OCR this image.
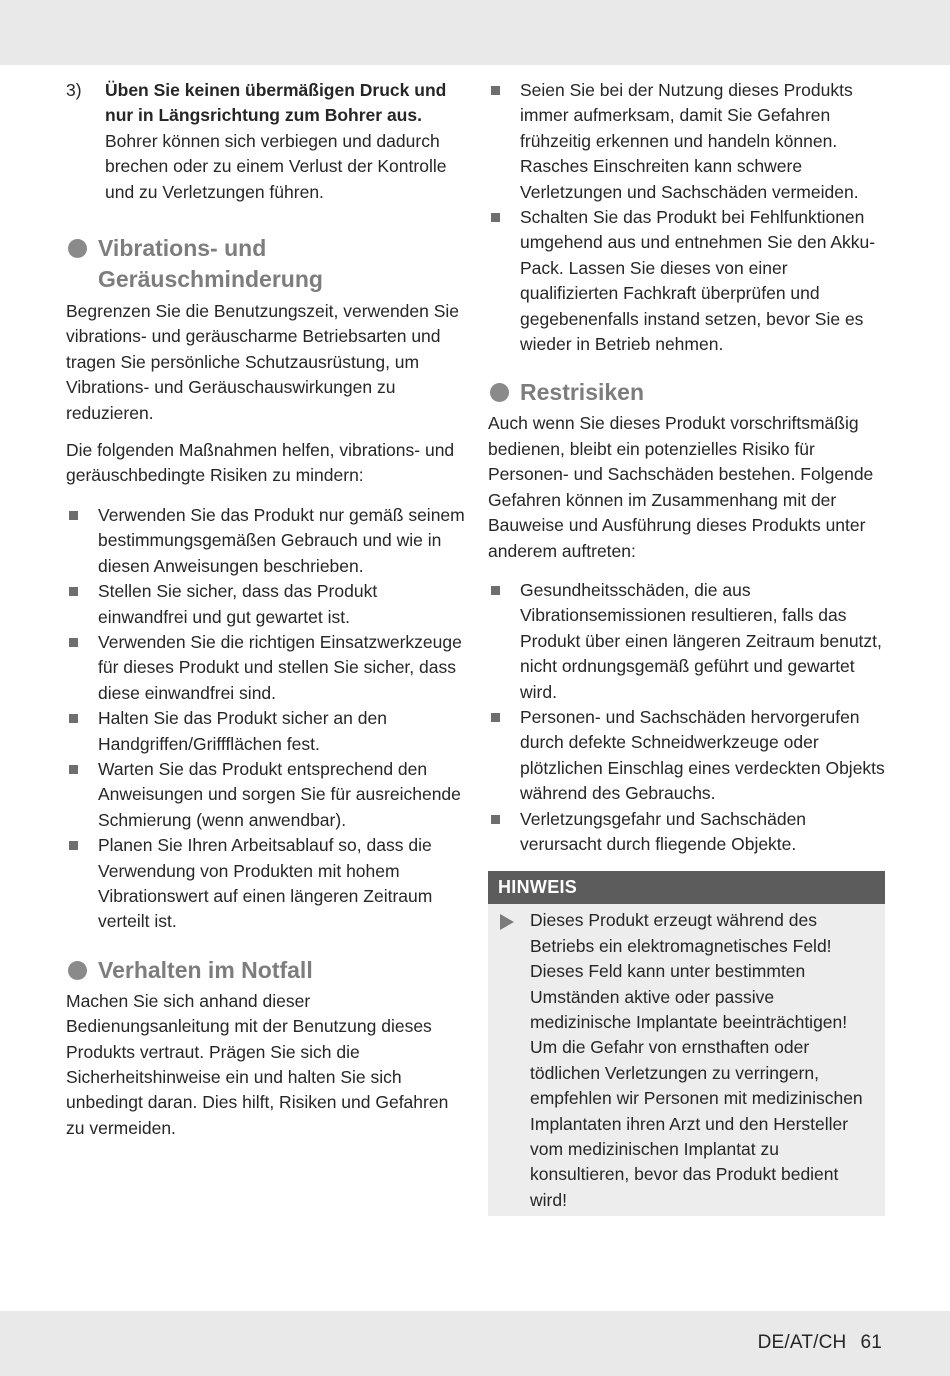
3) Üben Sie keinen übermäßigen Druck und nur in Längsrichtung zum Bohrer aus. Bohrer können sich verbiegen und dadurch brechen oder zu einem Verlust der Kontrolle und zu Verletzungen führen.
Vibrations- und Geräuschminderung

Begrenzen Sie die Benutzungszeit, verwenden Sie vibrations- und geräuscharme Betriebsarten und tragen Sie persönliche Schutzausrüstung, um Vibrations- und Geräuschauswirkungen zu reduzieren.

Die folgenden Maßnahmen helfen, vibrations- und geräuschbedingte Risiken zu mindern:

Verwenden Sie das Produkt nur gemäß seinem bestimmungsgemäßen Gebrauch und wie in diesen Anweisungen beschrieben.
Stellen Sie sicher, dass das Produkt einwandfrei und gut gewartet ist.
Verwenden Sie die richtigen Einsatzwerkzeuge für dieses Produkt und stellen Sie sicher, dass diese einwandfrei sind.
Halten Sie das Produkt sicher an den Handgriffen/Griffflächen fest.
Warten Sie das Produkt entsprechend den Anweisungen und sorgen Sie für ausreichende Schmierung (wenn anwendbar).
Planen Sie Ihren Arbeitsablauf so, dass die Verwendung von Produkten mit hohem Vibrationswert auf einen längeren Zeitraum verteilt ist.
Verhalten im Notfall

Machen Sie sich anhand dieser Bedienungsanleitung mit der Benutzung dieses Produkts vertraut. Prägen Sie sich die Sicherheitshinweise ein und halten Sie sich unbedingt daran. Dies hilft, Risiken und Gefahren zu vermeiden.

Seien Sie bei der Nutzung dieses Produkts immer aufmerksam, damit Sie Gefahren frühzeitig erkennen und handeln können. Rasches Einschreiten kann schwere Verletzungen und Sachschäden vermeiden.
Schalten Sie das Produkt bei Fehlfunktionen umgehend aus und entnehmen Sie den Akku-Pack. Lassen Sie dieses von einer qualifizierten Fachkraft überprüfen und gegebenenfalls instand setzen, bevor Sie es wieder in Betrieb nehmen.
Restrisiken

Auch wenn Sie dieses Produkt vorschriftsmäßig bedienen, bleibt ein potenzielles Risiko für Personen- und Sachschäden bestehen. Folgende Gefahren können im Zusammenhang mit der Bauweise und Ausführung dieses Produkts unter anderem auftreten:

Gesundheitsschäden, die aus Vibrationsemissionen resultieren, falls das Produkt über einen längeren Zeitraum benutzt, nicht ordnungsgemäß geführt und gewartet wird.
Personen- und Sachschäden hervorgerufen durch defekte Schneidwerkzeuge oder plötzlichen Einschlag eines verdeckten Objekts während des Gebrauchs.
Verletzungsgefahr und Sachschäden verursacht durch fliegende Objekte.
HINWEIS
Dieses Produkt erzeugt während des Betriebs ein elektromagnetisches Feld! Dieses Feld kann unter bestimmten Umständen aktive oder passive medizinische Implantate beeinträchtigen! Um die Gefahr von ernsthaften oder tödlichen Verletzungen zu verringern, empfehlen wir Personen mit medizinischen Implantaten ihren Arzt und den Hersteller vom medizinischen Implantat zu konsultieren, bevor das Produkt bedient wird!
DE/AT/CH 61
